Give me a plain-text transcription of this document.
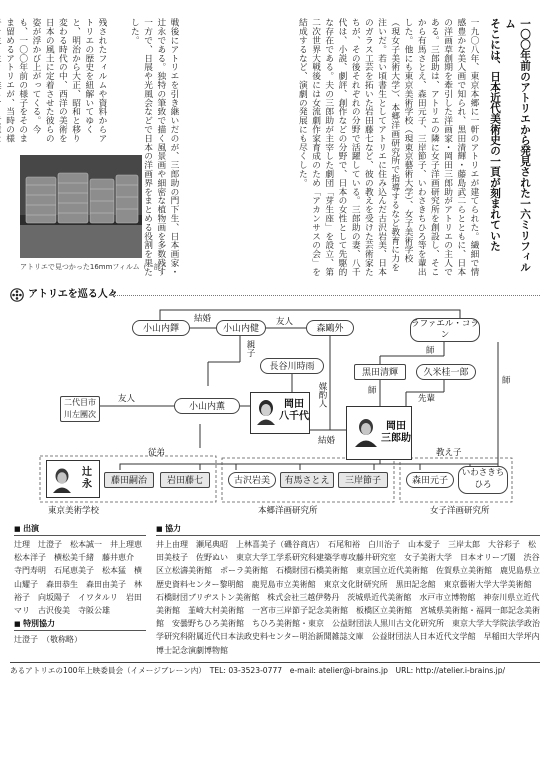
一〇〇年前のアトリエから発見された一六ミリフィルム
そこには、日本近代美術史の一頁が刻まれていた
一九〇八年、東京本郷に一軒のアトリエが建てられた。繊細で情感豊かな美人画で知られ、黒田清輝・藤島武二らとともに、日本の洋画草創期を牽引した洋画家・岡田三郎助がアトリエの主人である。三郎助は、アトリエの隣に女子洋画研究所を創設し、そこから有馬さとえ、森田元子、三岸節子、いわさきちひろ等を輩出した。他にも東京美術学校（現東京藝術大学）、女子美術学校（現女子美術大学）、本郷洋画研究所で指導するなど教育に力を注いだ。若い頃書生としてアトリエに住み込んだ古沢岩美、日本のガラス工芸を拓いた岩田藤七など、彼の教えを受けた芸術家たちが、その後それぞれの分野で活躍している。三郎助の妻、八千代は、小説、劇評、創作などの分野で、日本の女性として先駆的な存在である。夫の三郎助が主宰した劇団「芽生座」を設立、第二次世界大戦後には女流劇作家育成のため「アカンサスの会」を結成するなど、演劇の発展にも尽くした。
戦後にアトリエを引き継いだのが、三郎助の門下生、日本画家・辻永である。独特の筆致で描く風景画や細密な植物画を多数残す一方で、日展や光風会などで日本の洋画界をまとめる役割を果たした。
残されたフィルムや資料からアトリエの歴史を紐解いてゆくと、明治から大正、昭和と移り変わる時代の中、西洋の美術を日本の風土に定着させた彼らの姿が浮かび上がってくる。今も、一〇〇年前の様子をそのまま留めるアトリエが、当時の様
アトリエで見つかった16mmフィルム（一部）
アトリエを巡る人々
小山内鐸	小山内健	森鷗外	ラファエル・コラン
結婚	友人
師
親子
長谷川時雨
媒酌人
黒田清輝	久米桂一郎
師
先輩
師
二代目市川左團次
友人
小山内薫	岡田
八千代
岡田
三郎助
結婚
従弟	教え子
辻
永	藤田嗣治	岩田藤七	古沢岩美	有馬さとえ	三岸節子	森田元子
いわさきちひろ
東京美術学校	本郷洋画研究所	女子洋画研究所
■ 出演
辻理　辻澄子　松本誠一　井上理恵　松本洋子　横松美千緒　藤井恵介　寺門寿明　石尾恵美子　松本猛　横山耀子　森田恭生　森田由美子　林裕子　向坂陽子　イワタルリ　岩田マリ　古沢俊美　寺阪公雄
■ 特別協力
辻澄子　（敬称略）
■ 協力
井上由理　瀬尾典昭　上林喜美子（磯谷商店）　石尾和裕　白川治子　山本愛子　三岸太郎　大谷彩子　松田美枝子　佐野ぬい　東京大学工学系研究科建築学専攻藤井研究室　女子美術大学　日本オリーブ園　渋谷区立松濤美術館　ポーラ美術館　石橋財団石橋美術館　東京国立近代美術館　佐賀県立美術館　鹿児島県立歴史資料センター黎明館　鹿児島市立美術館　東京文化財研究所　黒田記念館　東京藝術大学大学美術館　石橋財団ブリヂストン美術館　株式会社三越伊勢丹　茨城県近代美術館　水戸市立博物館　神奈川県立近代美術館　韮崎大村美術館　一宮市三岸節子記念美術館　板橋区立美術館　宮城県美術館・福岡一郎記念美術館　安曇野ちひろ美術館　ちひろ美術館・東京　公益財団法人黒川古文化研究所　東京大学大学院法学政治学研究科附属近代日本法政史料センター明治新聞雑誌文庫　公益財団法人日本近代文学館　早稲田大学坪内博士記念演劇博物館
あるアトリエの100年上映委員会（イメージブレーン内）　TEL: 03-3523-0777　e-mail: atelier@i-brains.jp　URL: http://atelier.i-brains.jp/
